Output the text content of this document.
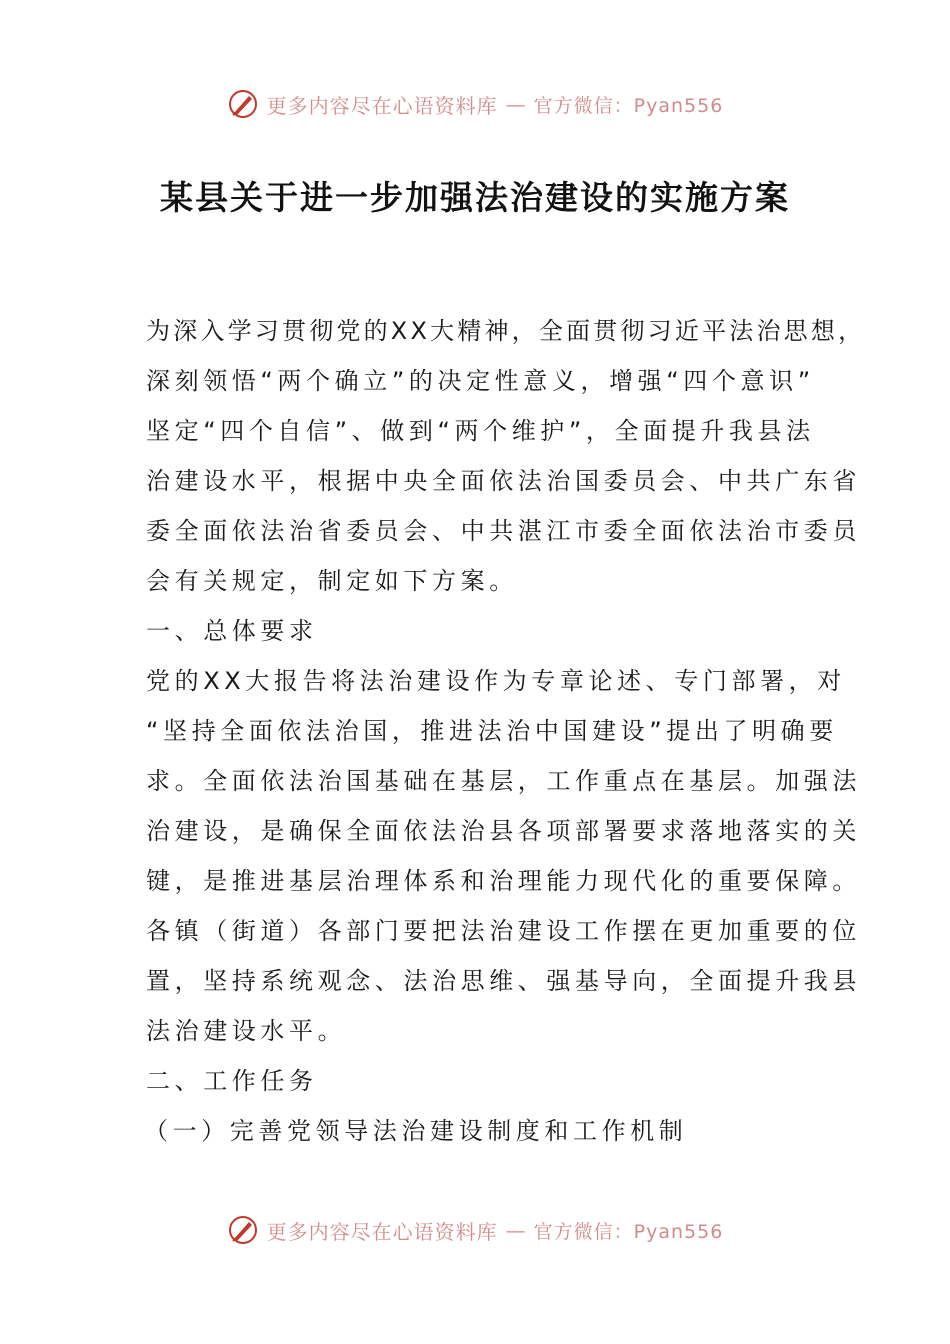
更多内容尽在心语资料库 — 官方微信：Pyan556
某县关于进一步加强法治建设的实施方案
为深入学习贯彻党的XX大精神，全面贯彻习近平法治思想，
深刻领悟“两个确立”的决定性意义，增强“四个意识”
坚定“四个自信”、做到“两个维护”，全面提升我县法
治建设水平，根据中央全面依法治国委员会、中共广东省
委全面依法治省委员会、中共湛江市委全面依法治市委员
会有关规定，制定如下方案。
一、总体要求
党的XX大报告将法治建设作为专章论述、专门部署，对
“坚持全面依法治国，推进法治中国建设”提出了明确要
求。全面依法治国基础在基层，工作重点在基层。加强法
治建设，是确保全面依法治县各项部署要求落地落实的关
键，是推进基层治理体系和治理能力现代化的重要保障。
各镇（街道）各部门要把法治建设工作摆在更加重要的位
置，坚持系统观念、法治思维、强基导向，全面提升我县
法治建设水平。
二、工作任务
（一）完善党领导法治建设制度和工作机制
更多内容尽在心语资料库 — 官方微信：Pyan556
